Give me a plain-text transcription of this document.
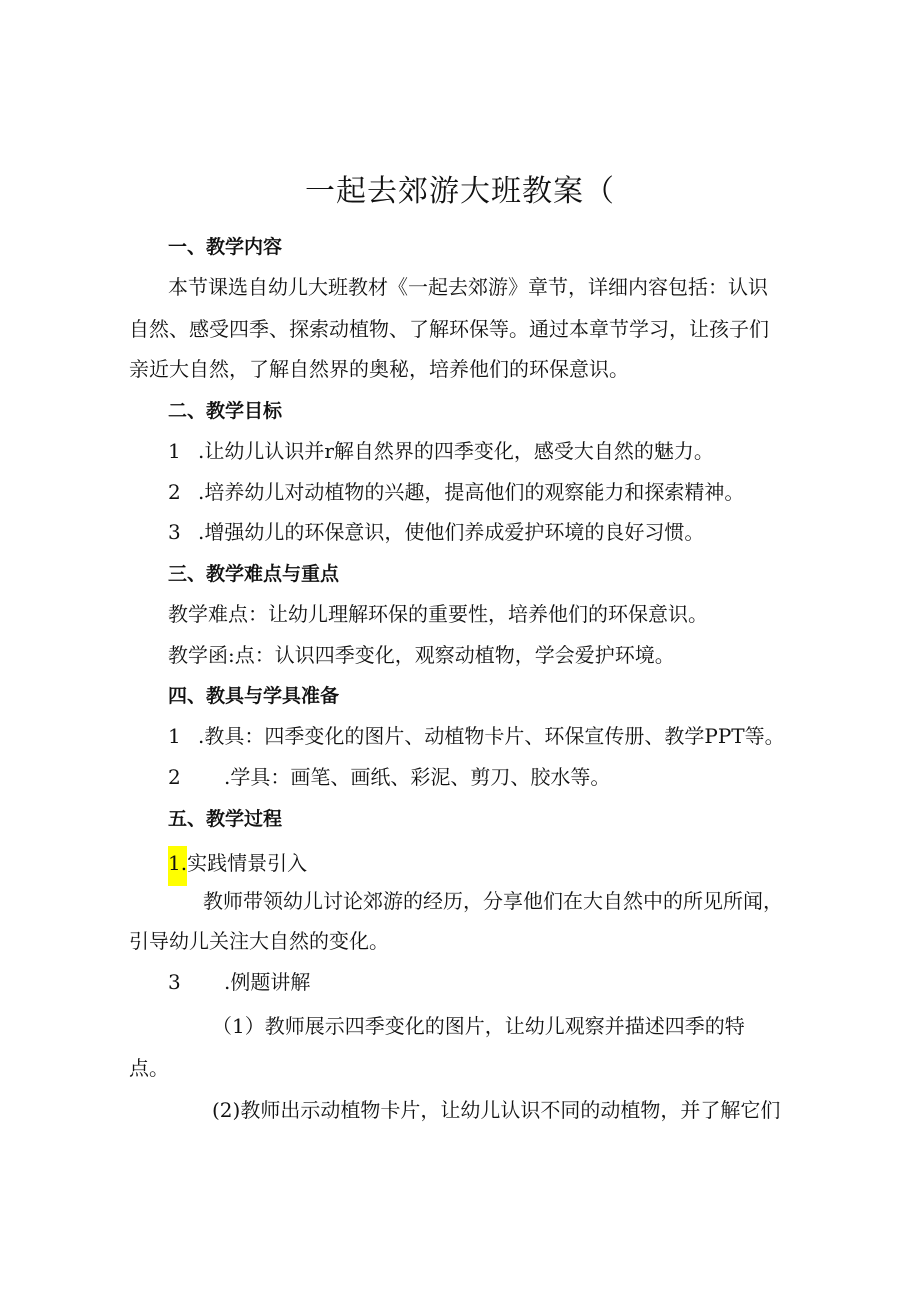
一起去郊游大班教案（
一、教学内容
本节课选自幼儿大班教材《一起去郊游》章节，详细内容包括：认识
自然、感受四季、探索动植物、了解环保等。通过本章节学习，让孩子们
亲近大自然，了解自然界的奥秘，培养他们的环保意识。
二、教学目标
1 .让幼儿认识并r解自然界的四季变化，感受大自然的魅力。
2 .培养幼儿对动植物的兴趣，提高他们的观察能力和探索精神。
3 .增强幼儿的环保意识，使他们养成爱护环境的良好习惯。
三、教学难点与重点
教学难点：让幼儿理解环保的重要性，培养他们的环保意识。
教学函:点：认识四季变化，观察动植物，学会爱护环境。
四、教具与学具准备
1 .教具：四季变化的图片、动植物卡片、环保宣传册、教学PPT等。
2 .学具：画笔、画纸、彩泥、剪刀、胶水等。
五、教学过程
1.实践情景引入
教师带领幼儿讨论郊游的经历，分享他们在大自然中的所见所闻，
引导幼儿关注大自然的变化。
3 .例题讲解
（1）教师展示四季变化的图片，让幼儿观察并描述四季的特
点。
(2)教师出示动植物卡片，让幼儿认识不同的动植物，并了解它们
